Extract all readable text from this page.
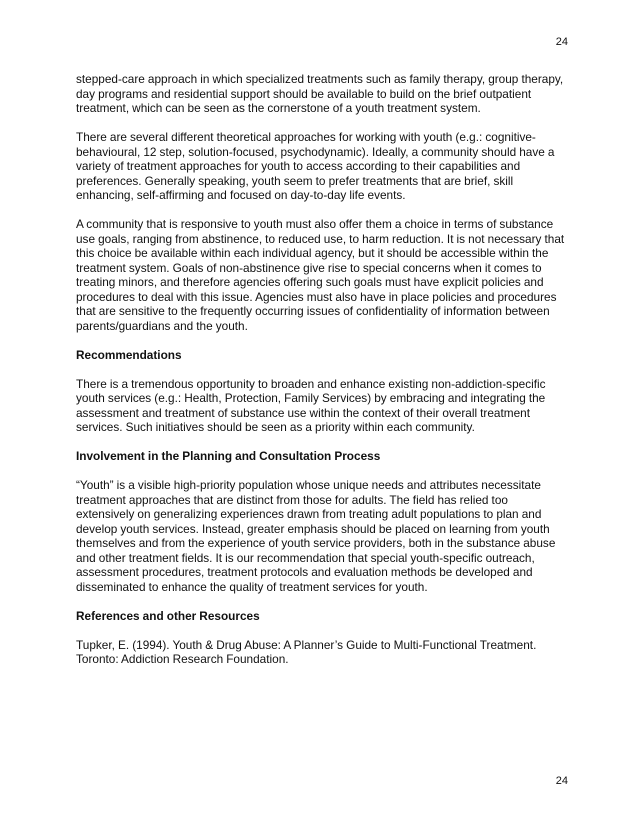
24

stepped-care approach in which specialized treatments such as family therapy, group therapy, day programs and residential support should be available to build on the brief outpatient treatment, which can be seen as the cornerstone of a youth treatment system.

There are several different theoretical approaches for working with youth (e.g.: cognitive-behavioural, 12 step, solution-focused, psychodynamic). Ideally, a community should have a variety of treatment approaches for youth to access according to their capabilities and preferences. Generally speaking, youth seem to prefer treatments that are brief, skill enhancing, self-affirming and focused on day-to-day life events.

A community that is responsive to youth must also offer them a choice in terms of substance use goals, ranging from abstinence, to reduced use, to harm reduction. It is not necessary that this choice be available within each individual agency, but it should be accessible within the treatment system. Goals of non-abstinence give rise to special concerns when it comes to treating minors, and therefore agencies offering such goals must have explicit policies and procedures to deal with this issue. Agencies must also have in place policies and procedures that are sensitive to the frequently occurring issues of confidentiality of information between parents/guardians and the youth.

Recommendations

There is a tremendous opportunity to broaden and enhance existing non-addiction-specific youth services (e.g.: Health, Protection, Family Services) by embracing and integrating the assessment and treatment of substance use within the context of their overall treatment services. Such initiatives should be seen as a priority within each community.

Involvement in the Planning and Consultation Process

“Youth” is a visible high-priority population whose unique needs and attributes necessitate treatment approaches that are distinct from those for adults. The field has relied too extensively on generalizing experiences drawn from treating adult populations to plan and develop youth services. Instead, greater emphasis should be placed on learning from youth themselves and from the experience of youth service providers, both in the substance abuse and other treatment fields. It is our recommendation that special youth-specific outreach, assessment procedures, treatment protocols and evaluation methods be developed and disseminated to enhance the quality of treatment services for youth.

References and other Resources

Tupker, E. (1994). Youth & Drug Abuse: A Planner’s Guide to Multi-Functional Treatment. Toronto: Addiction Research Foundation.

24
